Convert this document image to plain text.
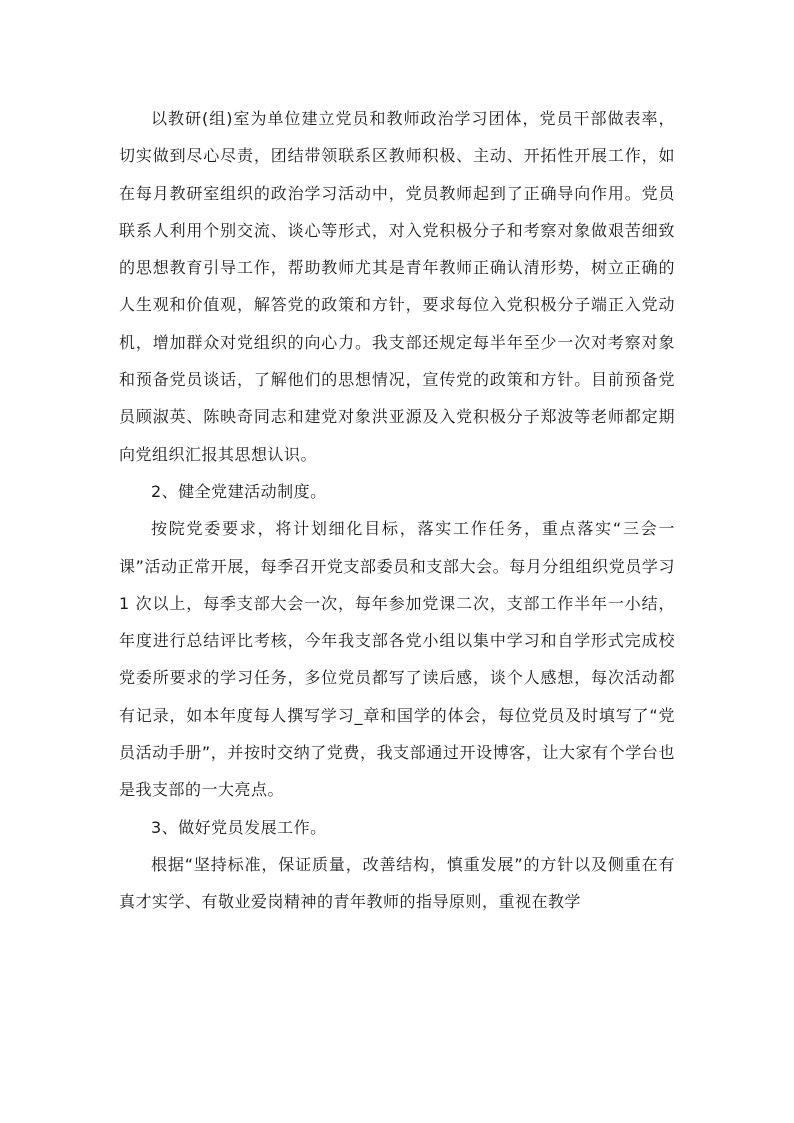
以教研(组)室为单位建立党员和教师政治学习团体，党员干部做表率，切实做到尽心尽责，团结带领联系区教师积极、主动、开拓性开展工作，如在每月教研室组织的政治学习活动中，党员教师起到了正确导向作用。党员联系人利用个别交流、谈心等形式，对入党积极分子和考察对象做艰苦细致的思想教育引导工作，帮助教师尤其是青年教师正确认清形势，树立正确的人生观和价值观，解答党的政策和方针，要求每位入党积极分子端正入党动机，增加群众对党组织的向心力。我支部还规定每半年至少一次对考察对象和预备党员谈话，了解他们的思想情况，宣传党的政策和方针。目前预备党员顾淑英、陈映奇同志和建党对象洪亚源及入党积极分子郑波等老师都定期向党组织汇报其思想认识。

2、健全党建活动制度。

按院党委要求，将计划细化目标，落实工作任务，重点落实“三会一课”活动正常开展，每季召开党支部委员和支部大会。每月分组组织党员学习 1 次以上，每季支部大会一次，每年参加党课二次，支部工作半年一小结，年度进行总结评比考核，今年我支部各党小组以集中学习和自学形式完成校党委所要求的学习任务，多位党员都写了读后感，谈个人感想，每次活动都有记录，如本年度每人撰写学习_章和国学的体会，每位党员及时填写了“党员活动手册”，并按时交纳了党费，我支部通过开设博客，让大家有个学台也是我支部的一大亮点。

3、做好党员发展工作。

根据“坚持标准，保证质量，改善结构，慎重发展”的方针以及侧重在有真才实学、有敬业爱岗精神的青年教师的指导原则，重视在教学
